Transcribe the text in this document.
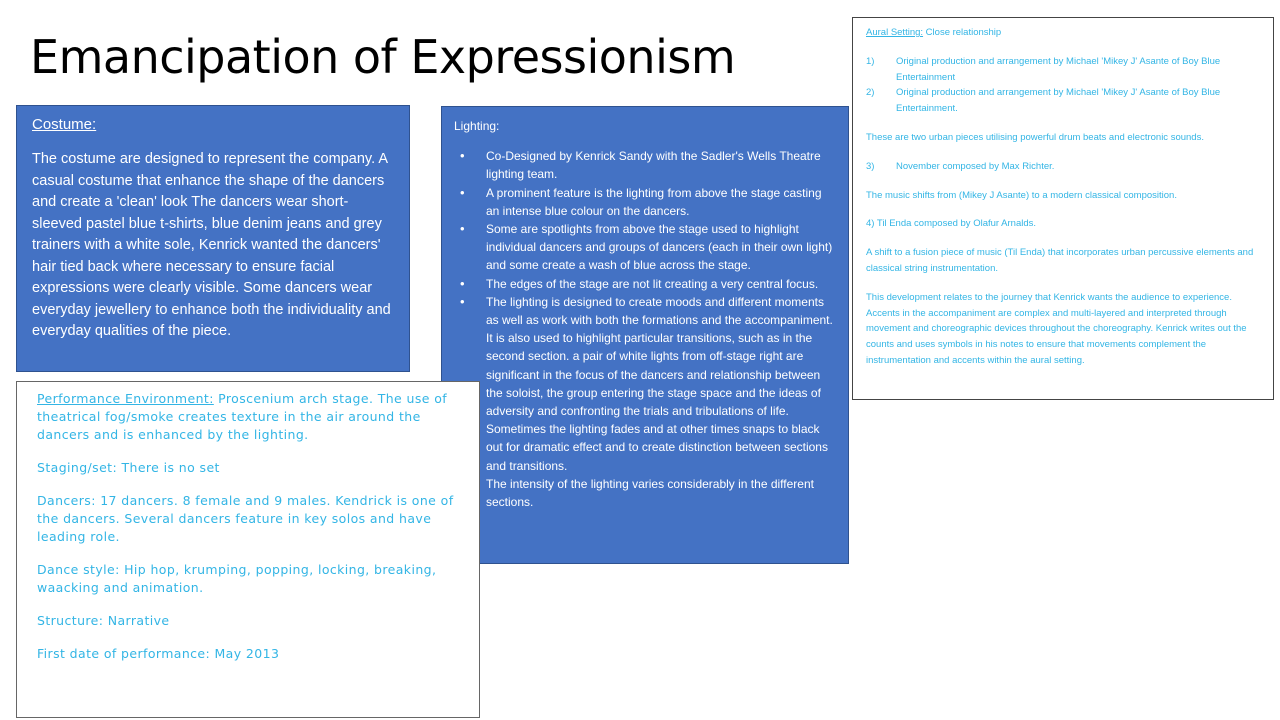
Emancipation of Expressionism
Costume:
The costume are designed to represent the company. A casual costume that enhance the shape of the dancers and create a 'clean' look The dancers wear short-sleeved pastel blue t-shirts, blue denim jeans and grey trainers with a white sole, Kenrick wanted the dancers' hair tied back where necessary to ensure facial expressions were clearly visible. Some dancers wear everyday jewellery to enhance both the individuality and everyday qualities of the piece.
Lighting:
• Co-Designed by Kenrick Sandy with the Sadler's Wells Theatre lighting team.
• A prominent feature is the lighting from above the stage casting an intense blue colour on the dancers.
• Some are spotlights from above the stage used to highlight individual dancers and groups of dancers (each in their own light) and some create a wash of blue across the stage.
• The edges of the stage are not lit creating a very central focus.
• The lighting is designed to create moods and different moments as well as work with both the formations and the accompaniment. It is also used to highlight particular transitions, such as in the second section. a pair of white lights from off-stage right are significant in the focus of the dancers and relationship between the soloist, the group entering the stage space and the ideas of adversity and confronting the trials and tribulations of life.
Sometimes the lighting fades and at other times snaps to black out for dramatic effect and to create distinction between sections and transitions.
The intensity of the lighting varies considerably in the different sections.

Performance Environment: Proscenium arch stage. The use of theatrical fog/smoke creates texture in the air around the dancers and is enhanced by the lighting.

Staging/set: There is no set

Dancers: 17 dancers. 8 female and 9 males. Kendrick is one of the dancers. Several dancers feature in key solos and have leading role.

Dance style: Hip hop, krumping, popping, locking, breaking, waacking and animation.

Structure: Narrative

First date of performance: May 2013

Aural Setting: Close relationship

1) Original production and arrangement by Michael 'Mikey J' Asante of Boy Blue Entertainment
2) Original production and arrangement by Michael 'Mikey J' Asante of Boy Blue Entertainment.

These are two urban pieces utilising powerful drum beats and electronic sounds.

3) November composed by Max Richter.

The music shifts from (Mikey J Asante) to a modern classical composition.

4) Til Enda composed by Olafur Arnalds.

A shift to a fusion piece of music (Til Enda) that incorporates urban percussive elements and classical string instrumentation.

This development relates to the journey that Kenrick wants the audience to experience. Accents in the accompaniment are complex and multi-layered and interpreted through movement and choreographic devices throughout the choreography. Kenrick writes out the counts and uses symbols in his notes to ensure that movements complement the instrumentation and accents within the aural setting.
